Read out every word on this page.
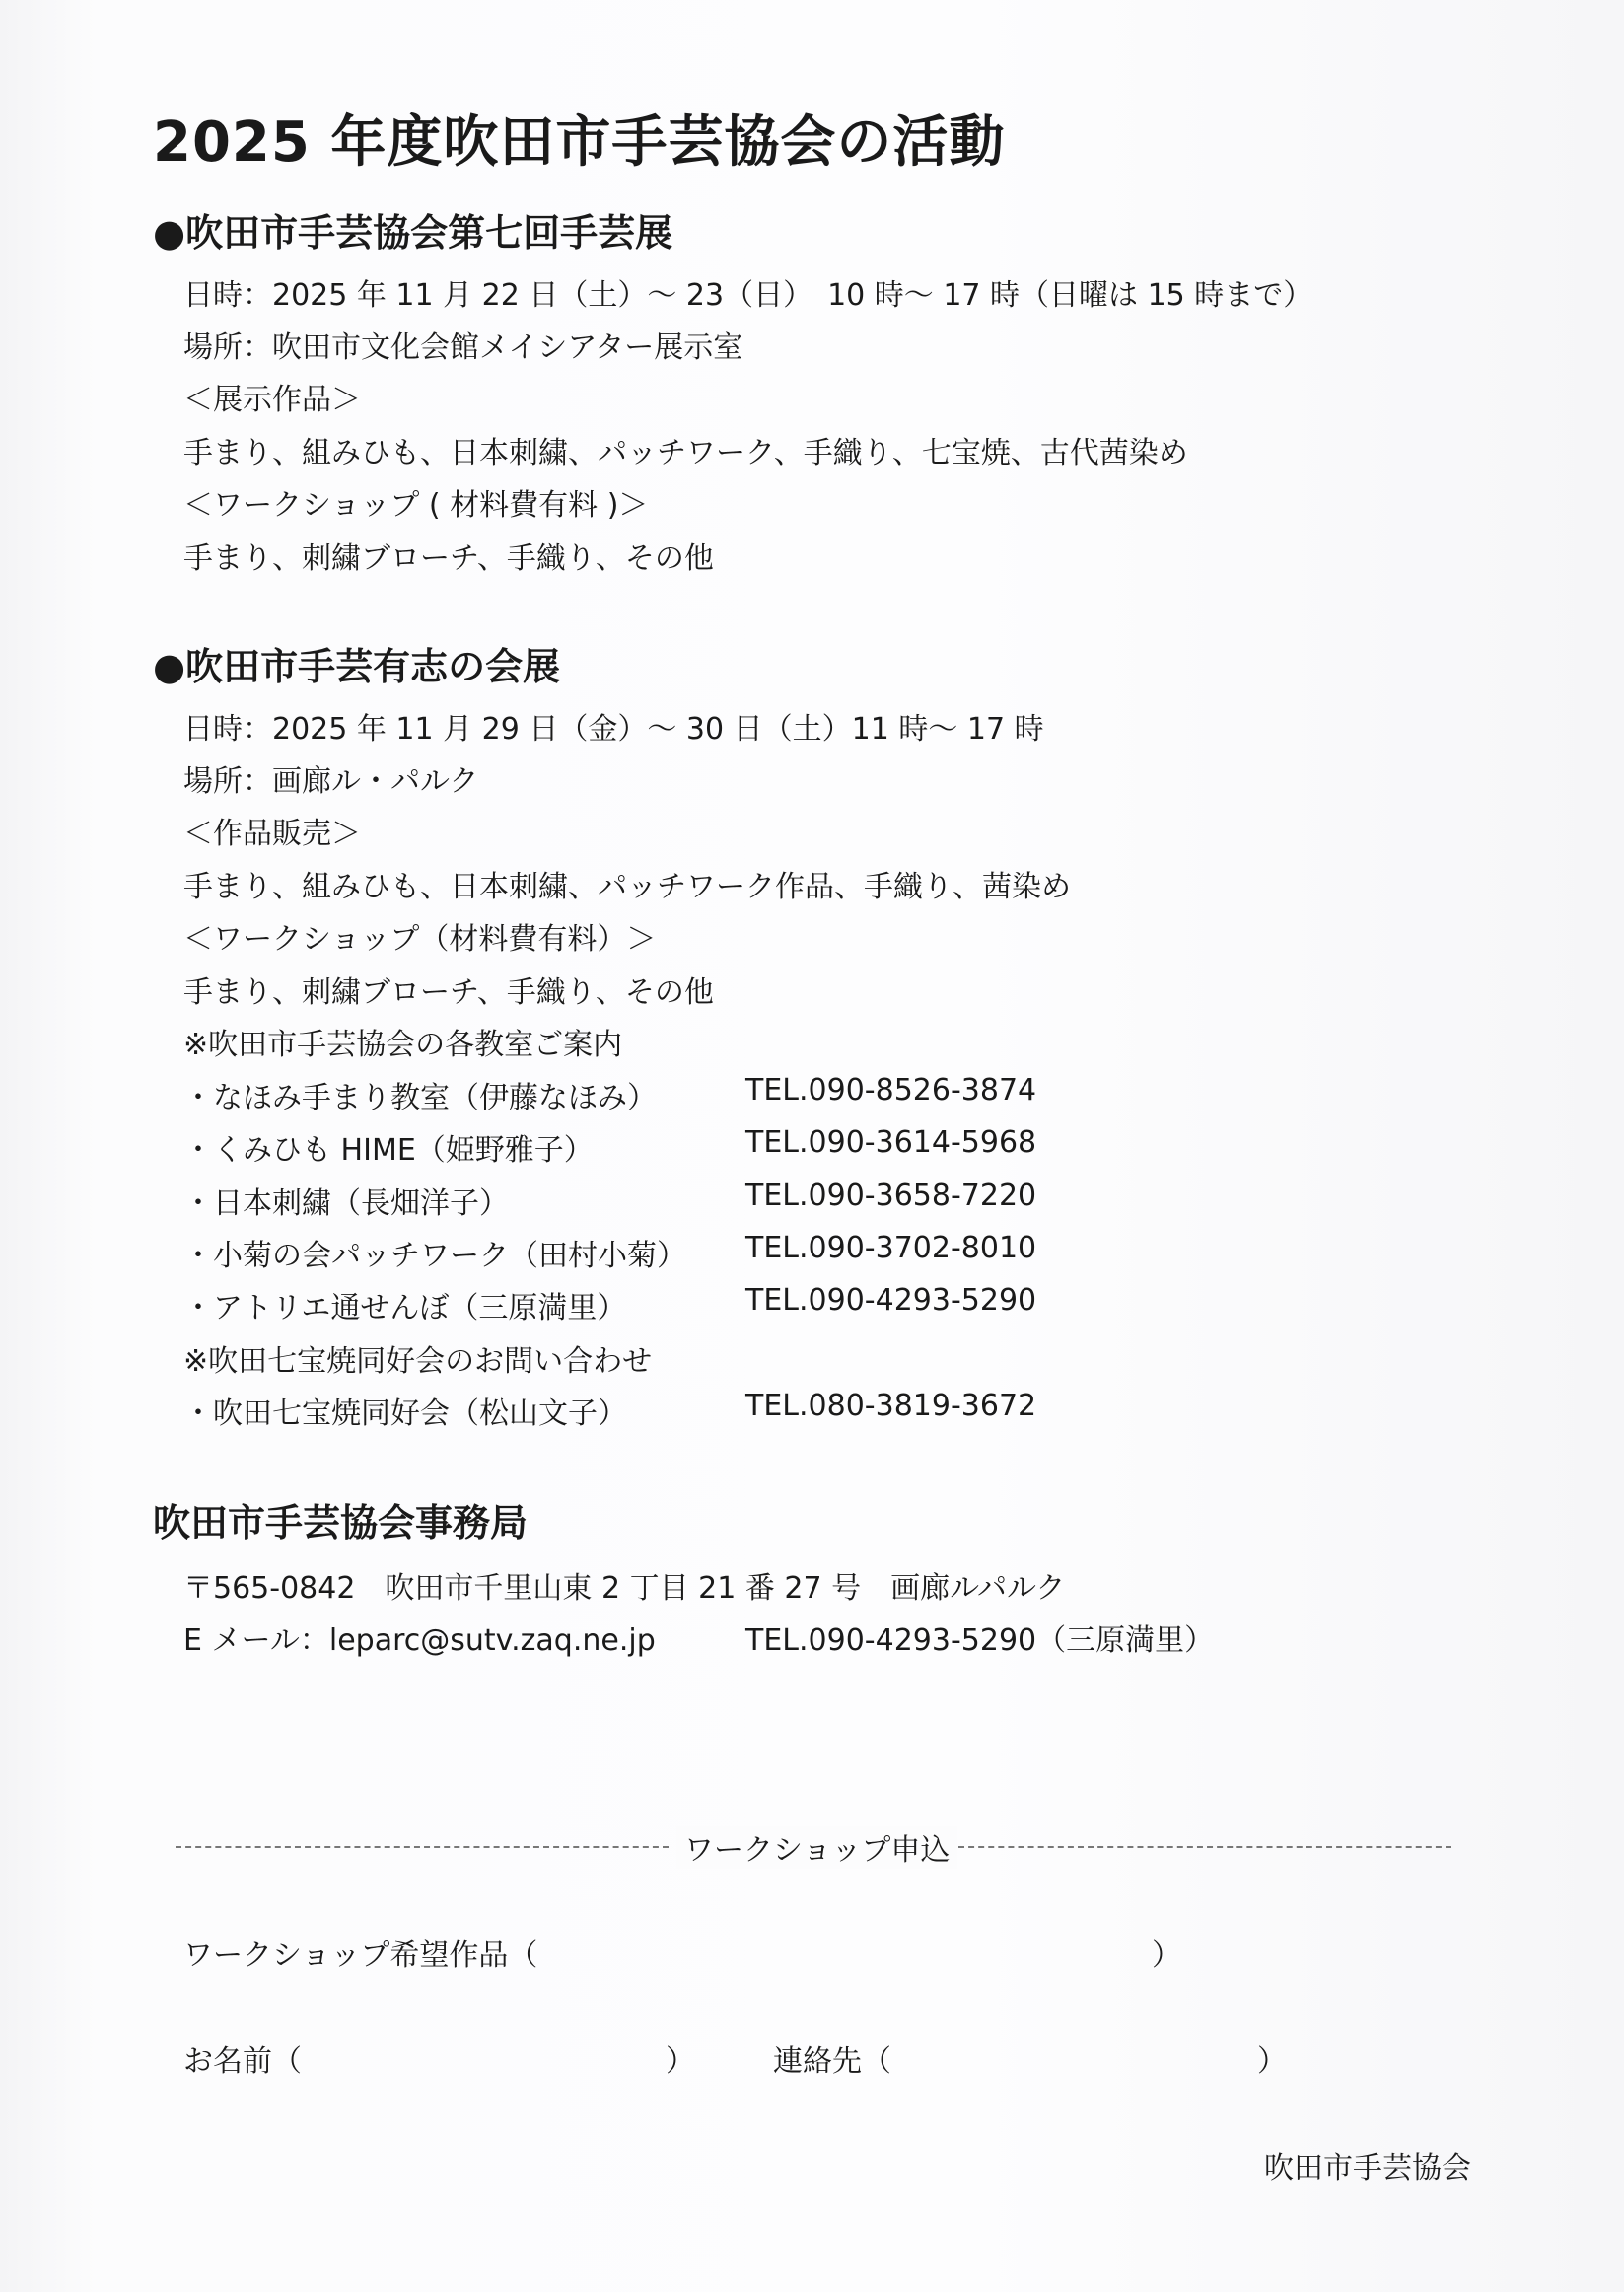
2025 年度吹田市手芸協会の活動
●吹田市手芸協会第七回手芸展
日時：2025 年 11 月 22 日（土）～ 23（日）　10 時～ 17 時（日曜は 15 時まで）
場所：吹田市文化会館メイシアター展示室
＜展示作品＞
手まり、組みひも、日本刺繍、パッチワーク、手織り、七宝焼、古代茜染め
＜ワークショップ ( 材料費有料 )＞
手まり、刺繍ブローチ、手織り、その他
●吹田市手芸有志の会展
日時：2025 年 11 月 29 日（金）～ 30 日（土）11 時～ 17 時
場所：画廊ル・パルク
＜作品販売＞
手まり、組みひも、日本刺繍、パッチワーク作品、手織り、茜染め
＜ワークショップ（材料費有料）＞
手まり、刺繍ブローチ、手織り、その他
※吹田市手芸協会の各教室ご案内
・なほみ手まり教室（伊藤なほみ）	TEL.090-8526-3874
・くみひも HIME（姫野雅子）	TEL.090-3614-5968
・日本刺繍（長畑洋子）	TEL.090-3658-7220
・小菊の会パッチワーク（田村小菊） TEL.090-3702-8010
・アトリエ通せんぼ（三原満里）	TEL.090-4293-5290
※吹田七宝焼同好会のお問い合わせ
・吹田七宝焼同好会（松山文子）	TEL.080-3819-3672
吹田市手芸協会事務局
〒565-0842　吹田市千里山東 2 丁目 21 番 27 号　画廊ルパルク
E メール：leparc@sutv.zaq.ne.jp	TEL.090-4293-5290（三原満里）
ワークショップ申込
ワークショップ希望作品（	）
お名前（	）	連絡先（	）
吹田市手芸協会
